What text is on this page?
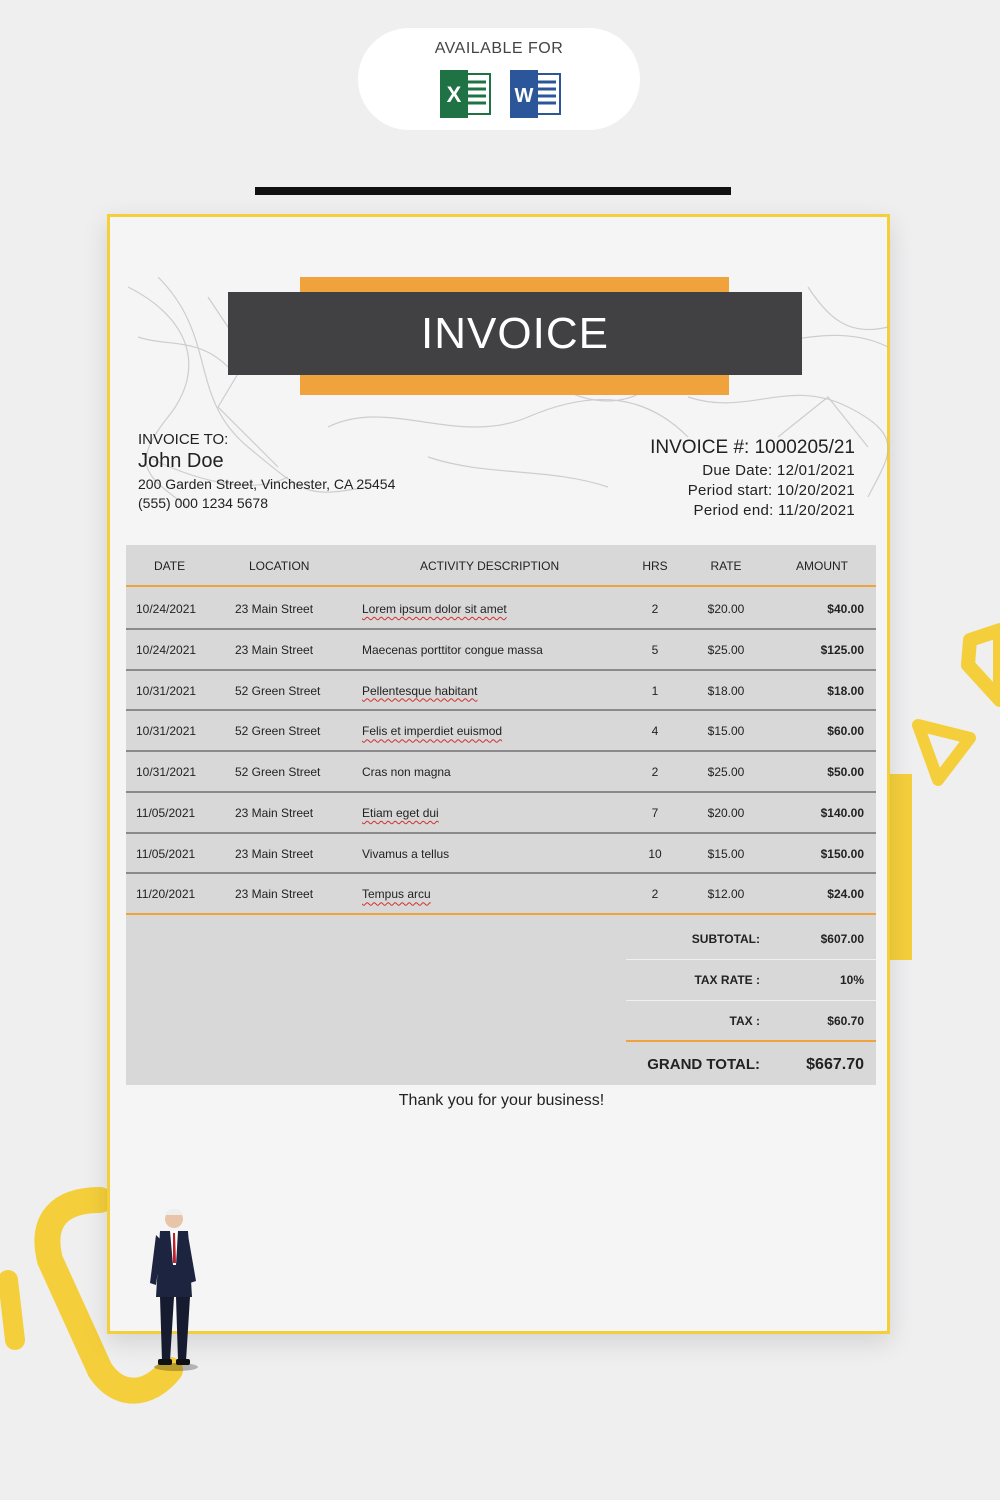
AVAILABLE FOR
X	W
INVOICE
INVOICE TO:
John Doe
200 Garden Street, Vinchester, CA 25454
(555) 000 1234 5678
INVOICE #: 1000205/21
Due Date: 12/01/2021
Period start: 10/20/2021
Period end: 11/20/2021
DATE	LOCATION	ACTIVITY DESCRIPTION	HRS	RATE	AMOUNT
10/24/2021	23 Main Street	Lorem ipsum dolor sit amet	2	$20.00	$40.00
10/24/2021	23 Main Street	Maecenas porttitor congue massa	5	$25.00	$125.00
10/31/2021	52 Green Street	Pellentesque habitant	1	$18.00	$18.00
10/31/2021	52 Green Street	Felis et imperdiet euismod	4	$15.00	$60.00
10/31/2021	52 Green Street	Cras non magna	2	$25.00	$50.00
11/05/2021	23 Main Street	Etiam eget dui	7	$20.00	$140.00
11/05/2021	23 Main Street	Vivamus a tellus	10	$15.00	$150.00
11/20/2021	23 Main Street	Tempus arcu	2	$12.00	$24.00
SUBTOTAL:	$607.00
TAX RATE :	10%
TAX :	$60.70
GRAND TOTAL:	$667.70
Thank you for your business!
